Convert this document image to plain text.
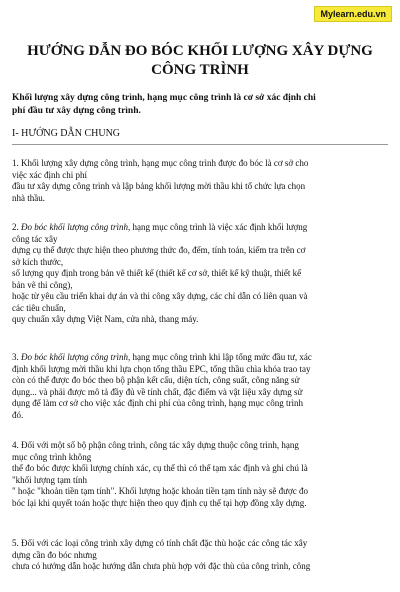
Mylearn.edu.vn
HƯỚNG DẪN ĐO BÓC KHỐI LƯỢNG XÂY DỰNG
CÔNG TRÌNH
Khối lượng xây dựng công trình, hạng mục công trình là cơ sở xác định chi
phí đầu tư xây dựng công trình.
I- HƯỚNG DẪN CHUNG
1. Khối lượng xây dựng công trình, hạng mục công trình được đo bóc là cơ sở cho
việc xác định chi phí
đầu tư xây dựng công trình và lập bảng khối lượng mời thầu khi tổ chức lựa chọn
nhà thầu.
2. Đo bóc khối lượng công trình, hạng mục công trình là việc xác định khối lượng
công tác xây
dựng cụ thể được thực hiện theo phương thức đo, đếm, tính toán, kiểm tra trên cơ
sở kích thước,
số lượng quy định trong bản vẽ thiết kế (thiết kế cơ sở, thiết kế kỹ thuật, thiết kế
bản vẽ thi công),
hoặc từ yêu cầu triển khai dự án và thi công xây dựng, các chỉ dẫn có liên quan và
các tiêu chuẩn,
quy chuẩn xây dựng Việt Nam, cửa nhà, thang máy.
3. Đo bóc khối lượng công trình, hạng mục công trình khi lập tổng mức đầu tư, xác
định khối lượng mời thầu khi lựa chọn tổng thầu EPC, tổng thầu chìa khóa trao tay
còn có thể được đo bóc theo bộ phận kết cấu, diện tích, công suất, công năng sử
dụng... và phải được mô tả đầy đủ về tính chất, đặc điểm và vật liệu xây dựng sử
dụng để làm cơ sở cho việc xác định chi phí của công trình, hạng mục công trình
đó.
4. Đối với một số bộ phận công trình, công tác xây dựng thuộc công trình, hạng
mục công trình không
thể đo bóc được khối lượng chính xác, cụ thể thì có thể tạm xác định và ghi chú là
"khối lượng tạm tính
" hoặc "khoản tiền tạm tính". Khối lượng hoặc khoản tiền tạm tính này sẽ được đo
bóc lại khi quyết toán hoặc thực hiện theo quy định cụ thể tại hợp đồng xây dựng.
5. Đối với các loại công trình xây dựng có tính chất đặc thù hoặc các công tác xây
dựng cần đo bóc nhưng
chưa có hướng dẫn hoặc hướng dẫn chưa phù hợp với đặc thù của công trình, công
